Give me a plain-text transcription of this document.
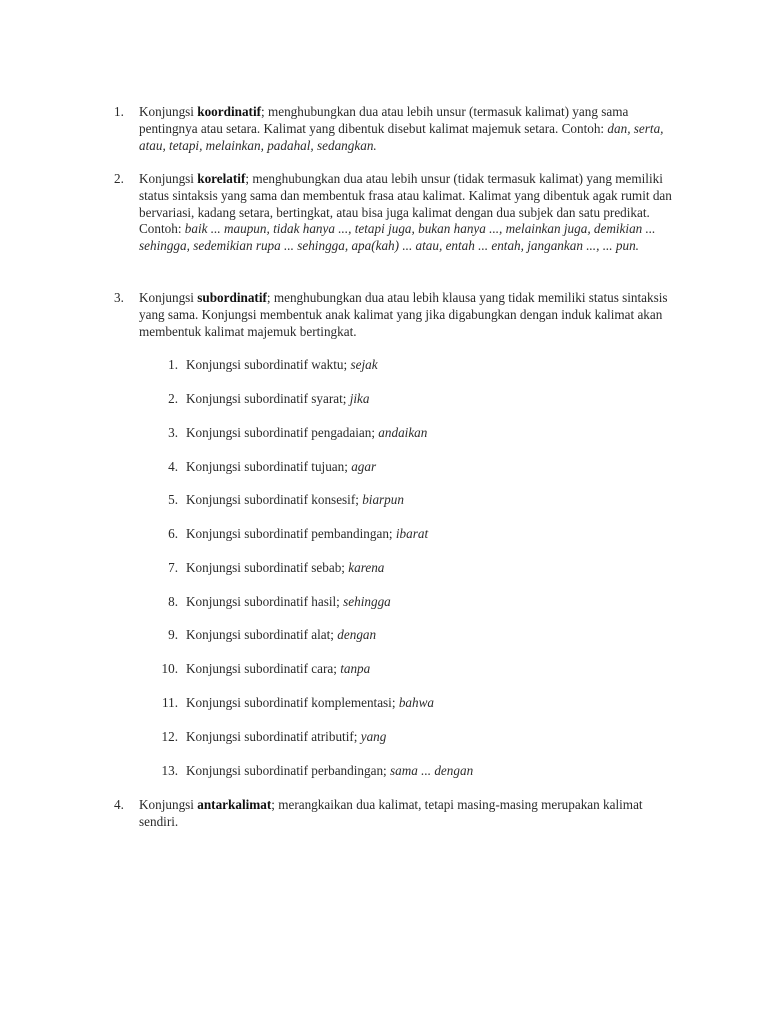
1. Konjungsi koordinatif; menghubungkan dua atau lebih unsur (termasuk kalimat) yang sama pentingnya atau setara. Kalimat yang dibentuk disebut kalimat majemuk setara. Contoh: dan, serta, atau, tetapi, melainkan, padahal, sedangkan.
2. Konjungsi korelatif; menghubungkan dua atau lebih unsur (tidak termasuk kalimat) yang memiliki status sintaksis yang sama dan membentuk frasa atau kalimat. Kalimat yang dibentuk agak rumit dan bervariasi, kadang setara, bertingkat, atau bisa juga kalimat dengan dua subjek dan satu predikat. Contoh: baik ... maupun, tidak hanya ..., tetapi juga, bukan hanya ..., melainkan juga, demikian ... sehingga, sedemikian rupa ... sehingga, apa(kah) ... atau, entah ... entah, jangankan ..., ... pun.
3. Konjungsi subordinatif; menghubungkan dua atau lebih klausa yang tidak memiliki status sintaksis yang sama. Konjungsi membentuk anak kalimat yang jika digabungkan dengan induk kalimat akan membentuk kalimat majemuk bertingkat.
1. Konjungsi subordinatif waktu; sejak
2. Konjungsi subordinatif syarat; jika
3. Konjungsi subordinatif pengadaian; andaikan
4. Konjungsi subordinatif tujuan; agar
5. Konjungsi subordinatif konsesif; biarpun
6. Konjungsi subordinatif pembandingan; ibarat
7. Konjungsi subordinatif sebab; karena
8. Konjungsi subordinatif hasil; sehingga
9. Konjungsi subordinatif alat; dengan
10. Konjungsi subordinatif cara; tanpa
11. Konjungsi subordinatif komplementasi; bahwa
12. Konjungsi subordinatif atributif; yang
13. Konjungsi subordinatif perbandingan; sama ... dengan
4. Konjungsi antarkalimat; merangkaikan dua kalimat, tetapi masing-masing merupakan kalimat sendiri.
